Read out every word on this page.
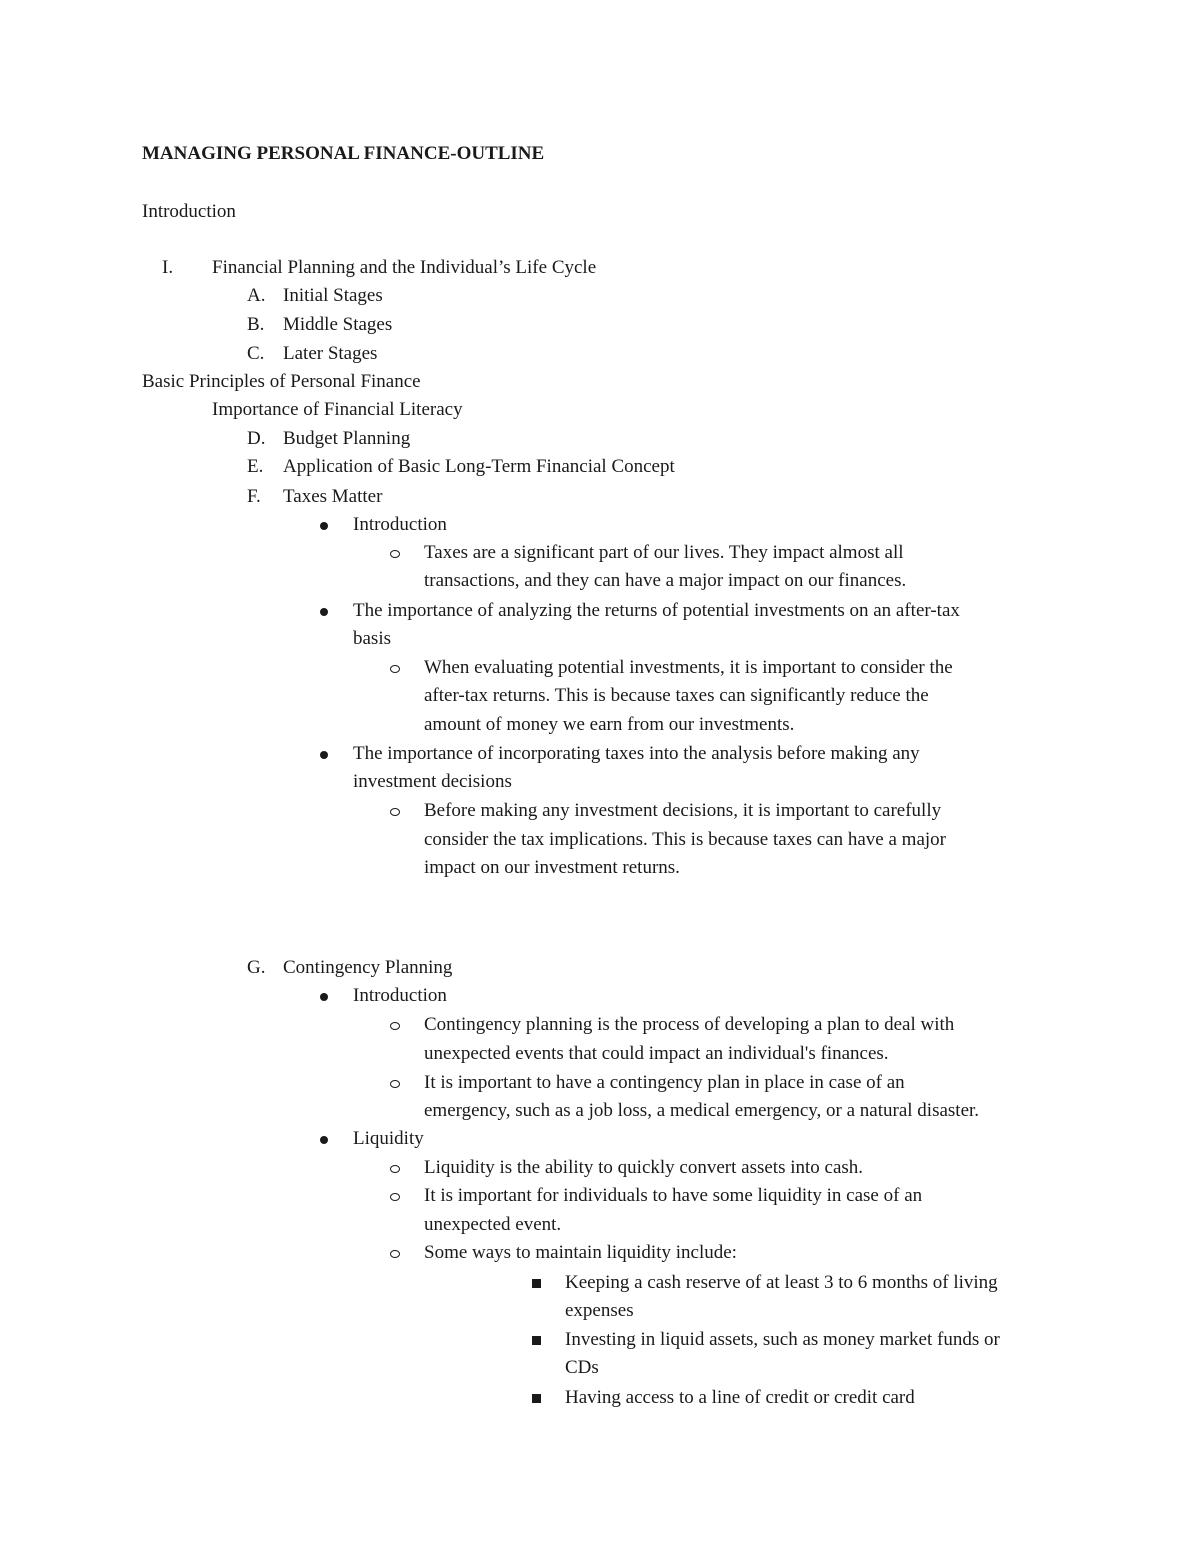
MANAGING PERSONAL FINANCE-OUTLINE
Introduction
I. Financial Planning and the Individual’s Life Cycle
A. Initial Stages
B. Middle Stages
C. Later Stages
Basic Principles of Personal Finance
Importance of Financial Literacy
D. Budget Planning
E. Application of Basic Long-Term Financial Concept
F. Taxes Matter
Introduction
Taxes are a significant part of our lives. They impact almost all
transactions, and they can have a major impact on our finances.
The importance of analyzing the returns of potential investments on an after-tax
basis
When evaluating potential investments, it is important to consider the
after-tax returns. This is because taxes can significantly reduce the
amount of money we earn from our investments.
The importance of incorporating taxes into the analysis before making any
investment decisions
Before making any investment decisions, it is important to carefully
consider the tax implications. This is because taxes can have a major
impact on our investment returns.
G. Contingency Planning
Introduction
Contingency planning is the process of developing a plan to deal with
unexpected events that could impact an individual's finances.
It is important to have a contingency plan in place in case of an
emergency, such as a job loss, a medical emergency, or a natural disaster.
Liquidity
Liquidity is the ability to quickly convert assets into cash.
It is important for individuals to have some liquidity in case of an
unexpected event.
Some ways to maintain liquidity include:
Keeping a cash reserve of at least 3 to 6 months of living
expenses
Investing in liquid assets, such as money market funds or
CDs
Having access to a line of credit or credit card
